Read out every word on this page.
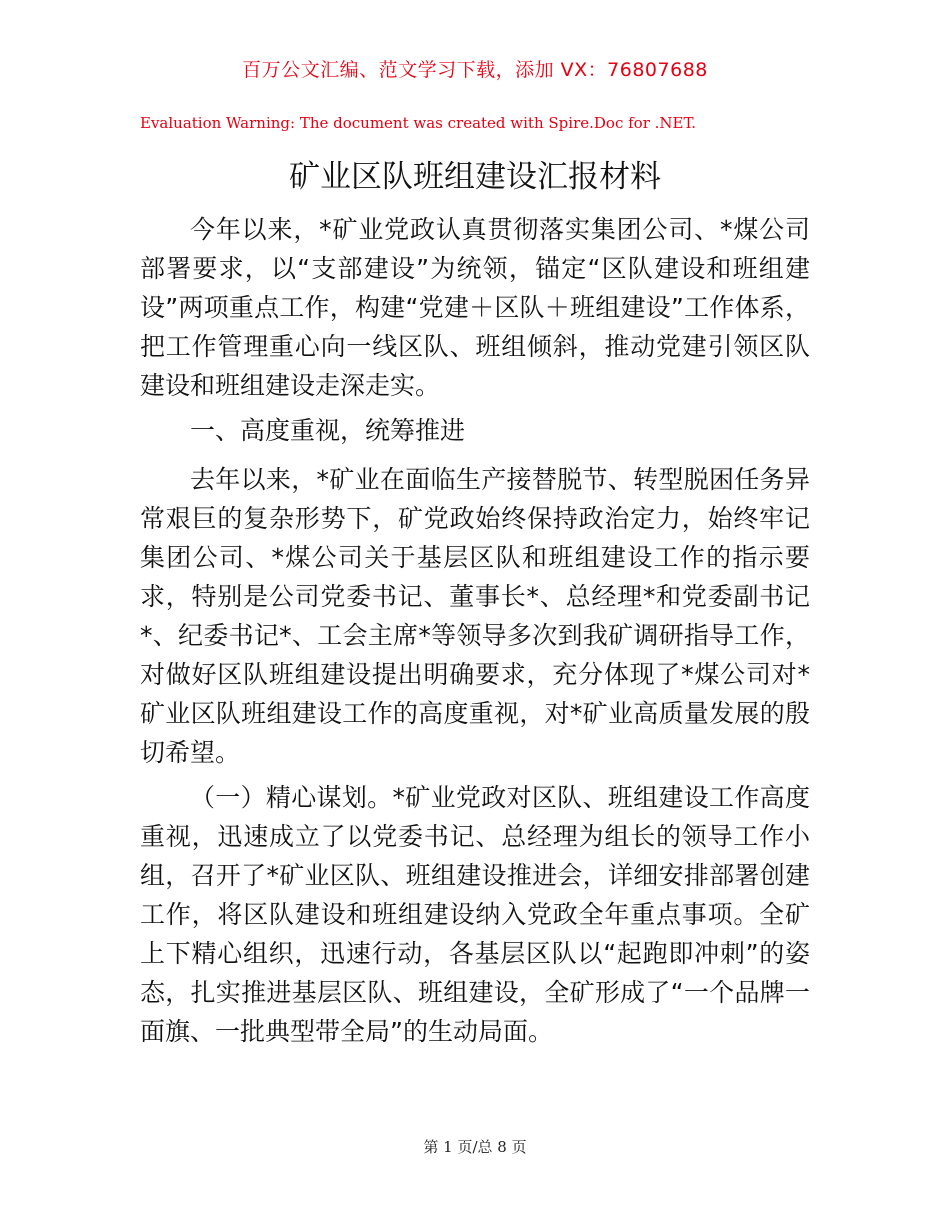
百万公文汇编、范文学习下载，添加 VX：76807688
Evaluation Warning: The document was created with Spire.Doc for .NET.
矿业区队班组建设汇报材料

今年以来，*矿业党政认真贯彻落实集团公司、*煤公司部署要求，以“支部建设”为统领，锚定“区队建设和班组建设”两项重点工作，构建“党建＋区队＋班组建设”工作体系，把工作管理重心向一线区队、班组倾斜，推动党建引领区队建设和班组建设走深走实。

一、高度重视，统筹推进

去年以来，*矿业在面临生产接替脱节、转型脱困任务异常艰巨的复杂形势下，矿党政始终保持政治定力，始终牢记集团公司、*煤公司关于基层区队和班组建设工作的指示要求，特别是公司党委书记、董事长*、总经理*和党委副书记*、纪委书记*、工会主席*等领导多次到我矿调研指导工作，对做好区队班组建设提出明确要求，充分体现了*煤公司对*矿业区队班组建设工作的高度重视，对*矿业高质量发展的殷切希望。

（一）精心谋划。*矿业党政对区队、班组建设工作高度重视，迅速成立了以党委书记、总经理为组长的领导工作小组，召开了*矿业区队、班组建设推进会，详细安排部署创建工作，将区队建设和班组建设纳入党政全年重点事项。全矿上下精心组织，迅速行动，各基层区队以“起跑即冲刺”的姿态，扎实推进基层区队、班组建设，全矿形成了“一个品牌一面旗、一批典型带全局”的生动局面。

第 1 页/总 8 页
